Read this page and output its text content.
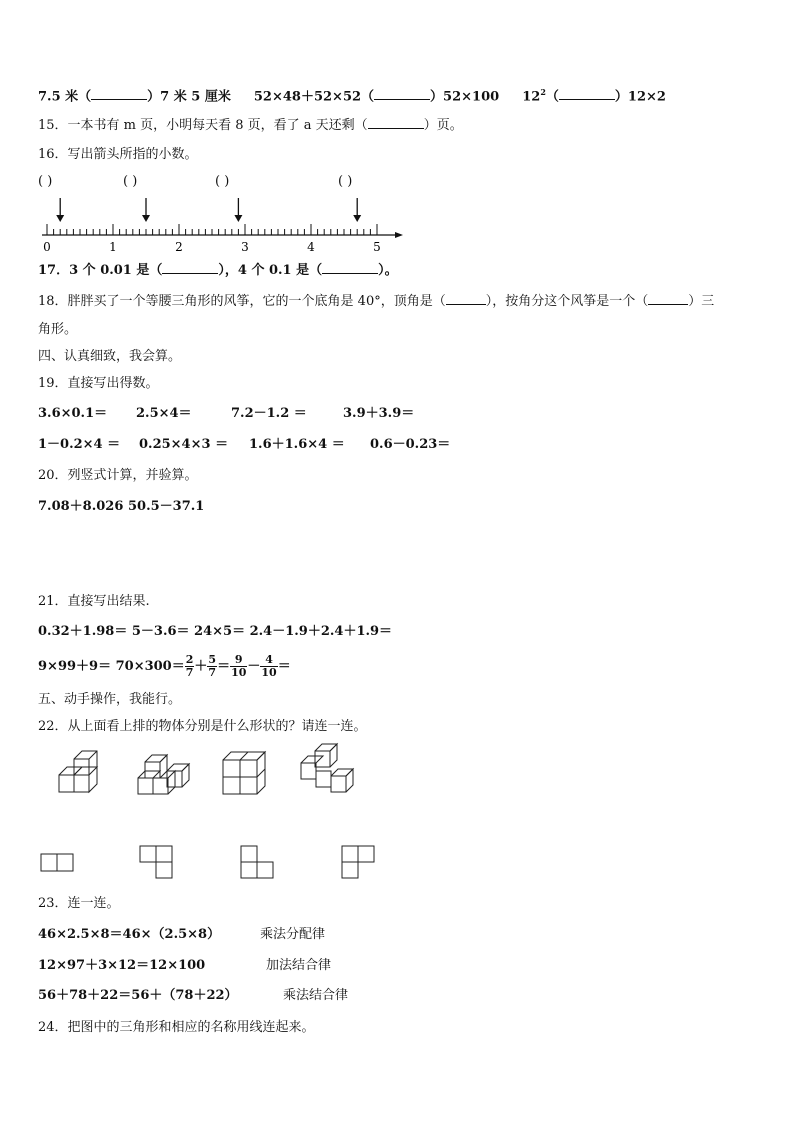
7.5 米（	）7 米 5 厘米 52×48＋52×52（	）52×100 $12^2$（	）12×2
15．一本书有 m 页，小明每天看 8 页，看了 a 天还剩（	）页。
16．写出箭头所指的小数。
( )	( )	( )	( )
0	1	2	3	4	5
17．3 个 0.01 是（	），4 个 0.1 是（	）。
18．胖胖买了一个等腰三角形的风筝，它的一个底角是 40°，顶角是（	），按角分这个风筝是一个（	）三
角形。
四、认真细致，我会算。
19．直接写出得数。
3.6×0.1＝ 2.5×4＝	7.2－1.2 ＝	3.9＋3.9＝
1－0.2×4 ＝ 0.25×4×3 ＝ 1.6＋1.6×4 ＝ 0.6－0.23＝
20．列竖式计算，并验算。
7.08＋8.026 50.5－37.1
21．直接写出结果.
0.32＋1.98＝ 5－3.6＝ 24×5＝ 2.4－1.9＋2.4＋1.9＝
$9\times 99+9= 70\times 300= \frac{2}{7} + \frac{5}{7} = \frac{9}{10} - \frac{4}{10}$ ＝
五、动手操作，我能行。
22．从上面看上排的物体分别是什么形状的？请连一连。
23．连一连。
46×2.5×8＝46×（2.5×8）
12×97＋3×12＝12×100
56＋78＋22＝56＋（78＋22）
乘法分配律
加法结合律
乘法结合律
24．把图中的三角形和相应的名称用线连起来。
